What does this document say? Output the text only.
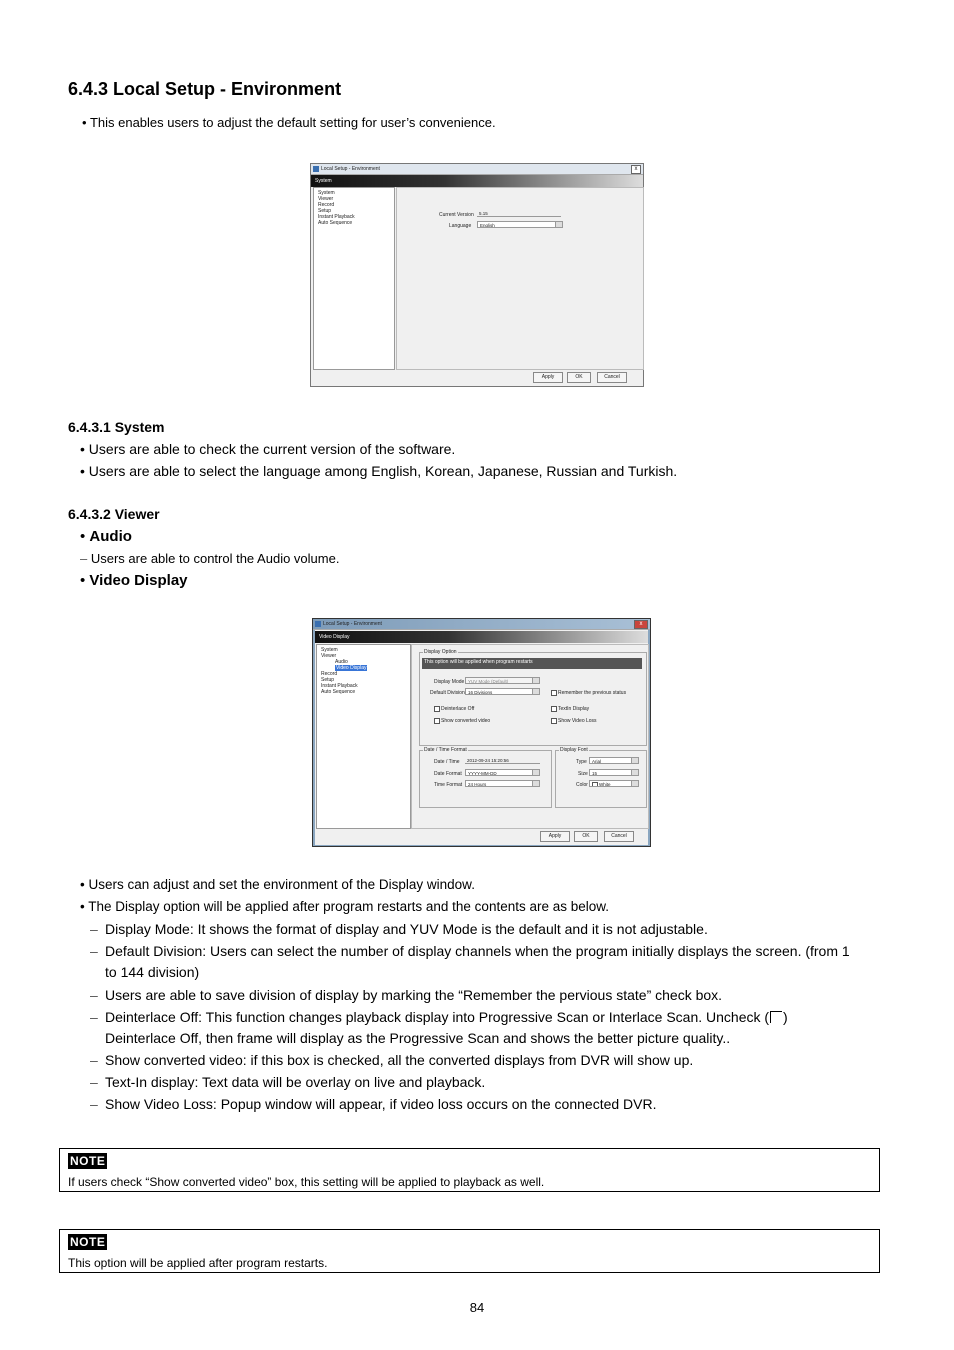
6.4.3 Local Setup - Environment
• This enables users to adjust the default setting for user’s convenience.
Local Setup - Environment	x
System
System
Viewer
Record
Setup
Instant Playback
Auto Sequence
Current Version	5.15
Language	English
Apply	OK	Cancel
6.4.3.1 System
• Users are able to check the current version of the software.
• Users are able to select the language among English, Korean, Japanese, Russian and Turkish.
6.4.3.2 Viewer
• Audio
– Users are able to control the Audio volume.
• Video Display
Local Setup - Environment	x
Video Display
System
Viewer
Audio
Video Display
Record
Setup
Instant Playback
Auto Sequence
Display Option
This option will be applied when program restarts
Display Mode YUV Mode (Default)
Default Division 16 Divisions	Remember the previous status
Deinterlace Off	TextIn Display
Show converted video	Show Video Loss
Date / Time Format
Date / Time	2012-09-24 15:20:56
Date Format	YYYY-MM-DD
Time Format	24 Hours
Display Font
Type	Arial
Size 15
Color	White
Apply	OK	Cancel
• Users can adjust and set the environment of the Display window.
• The Display option will be applied after program restarts and the contents are as below.
– Display Mode: It shows the format of display and YUV Mode is the default and it is not adjustable.
– Default Division: Users can select the number of display channels when the program initially displays the screen. (from 1 to 144 division)
– Users are able to save division of display by marking the “Remember the pervious state” check box.
– Deinterlace Off: This function changes playback display into Progressive Scan or Interlace Scan. Uncheck ( ) Deinterlace Off, then frame will display as the Progressive Scan and shows the better picture quality..
– Show converted video: if this box is checked, all the converted displays from DVR will show up.
– Text-In display: Text data will be overlay on live and playback.
– Show Video Loss: Popup window will appear, if video loss occurs on the connected DVR.
NOTE
If users check “Show converted video” box, this setting will be applied to playback as well.
NOTE
This option will be applied after program restarts.
84
